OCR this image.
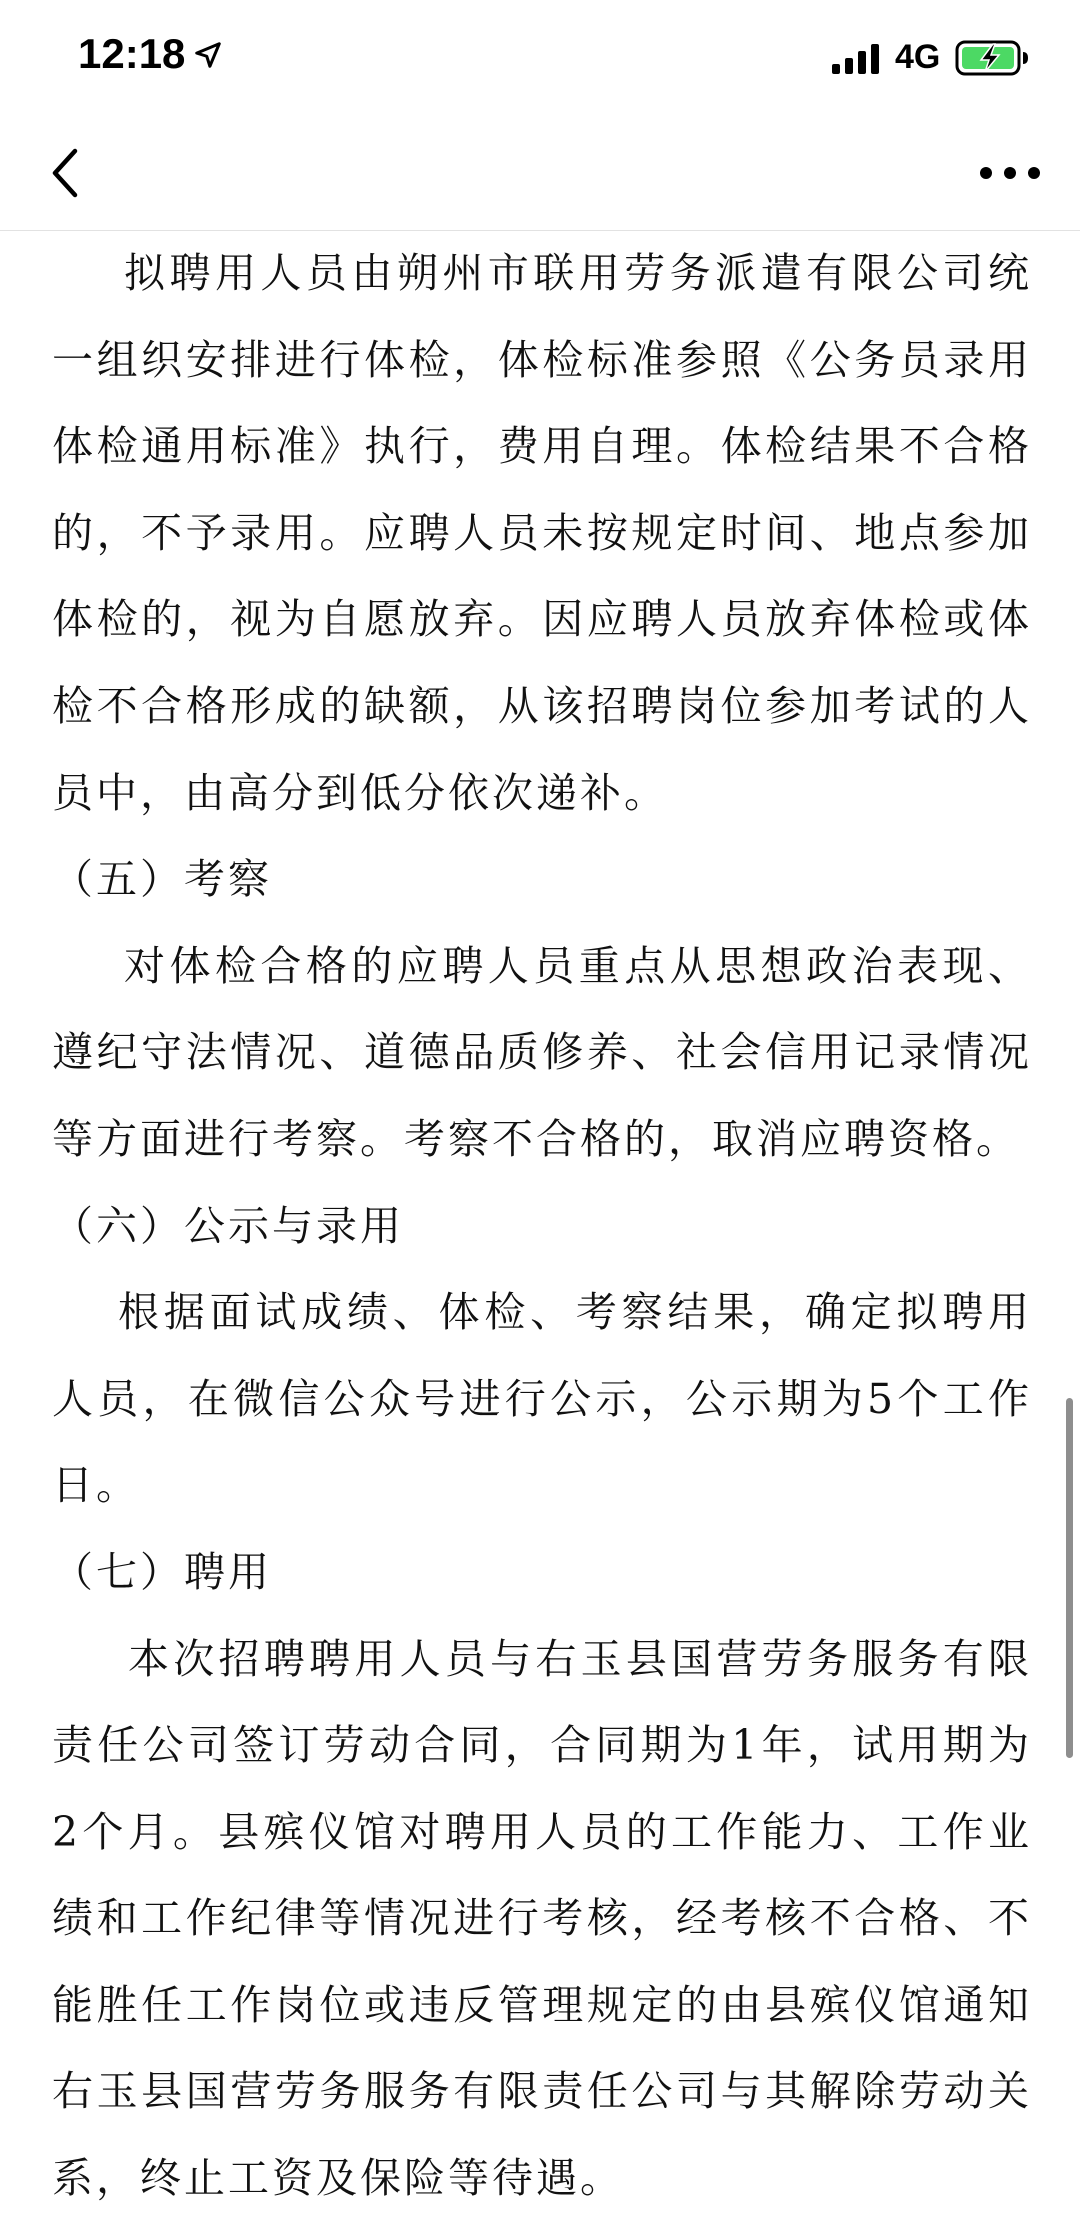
12:18	4G

拟聘用人员由朔州市联用劳务派遣有限公司统一组织安排进行体检，体检标准参照《公务员录用体检通用标准》执行，费用自理。体检结果不合格的，不予录用。应聘人员未按规定时间、地点参加体检的，视为自愿放弃。因应聘人员放弃体检或体检不合格形成的缺额，从该招聘岗位参加考试的人员中，由高分到低分依次递补。

（五）考察

对体检合格的应聘人员重点从思想政治表现、遵纪守法情况、道德品质修养、社会信用记录情况等方面进行考察。考察不合格的，取消应聘资格。

（六）公示与录用

根据面试成绩、体检、考察结果，确定拟聘用人员，在微信公众号进行公示，公示期为5个工作日。

（七）聘用

本次招聘聘用人员与右玉县国营劳务服务有限责任公司签订劳动合同，合同期为1年，试用期为2个月。县殡仪馆对聘用人员的工作能力、工作业绩和工作纪律等情况进行考核，经考核不合格、不能胜任工作岗位或违反管理规定的由县殡仪馆通知右玉县国营劳务服务有限责任公司与其解除劳动关系，终止工资及保险等待遇。
